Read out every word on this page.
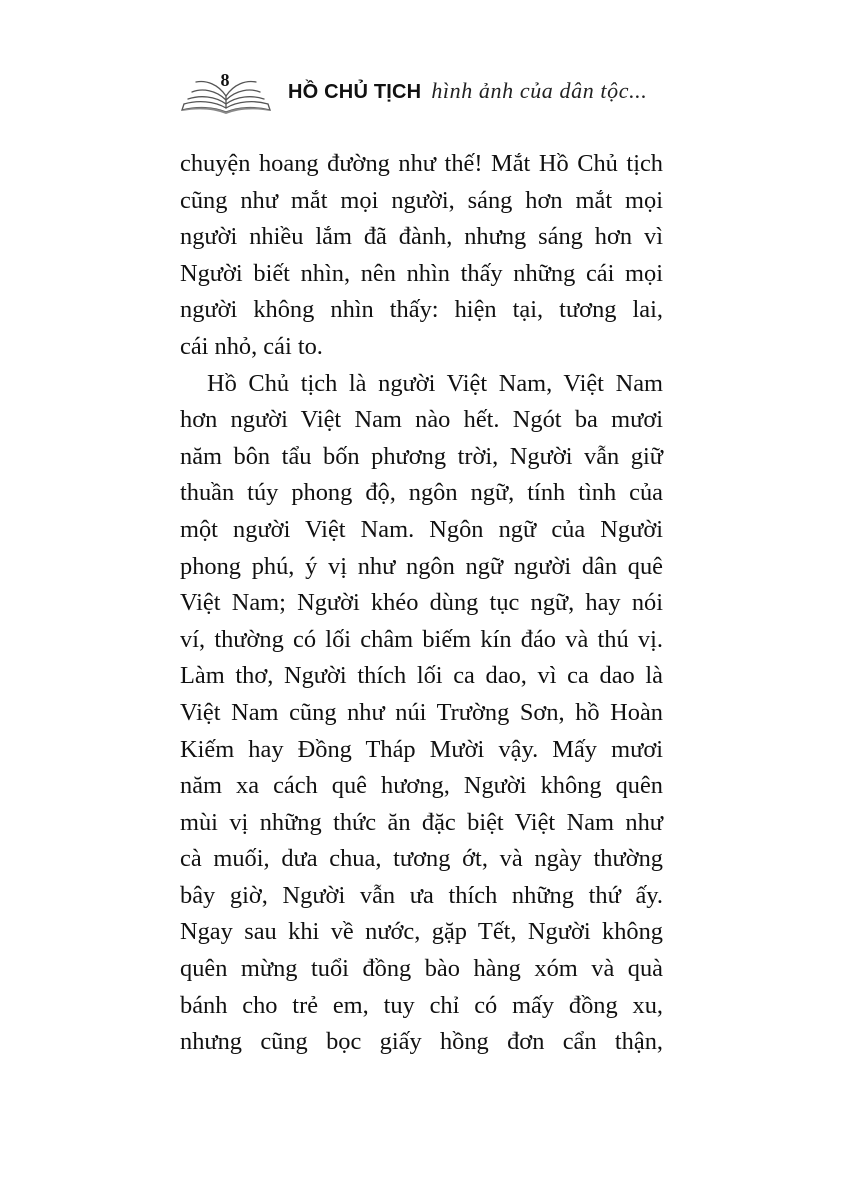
8
HỒ CHỦ TỊCH hình ảnh của dân tộc...
chuyện hoang đường như thế! Mắt Hồ Chủ tịch
cũng như mắt mọi người, sáng hơn mắt mọi
người nhiều lắm đã đành, nhưng sáng hơn vì
Người biết nhìn, nên nhìn thấy những cái mọi
người không nhìn thấy: hiện tại, tương lai,
cái nhỏ, cái to.
Hồ Chủ tịch là người Việt Nam, Việt Nam
hơn người Việt Nam nào hết. Ngót ba mươi
năm bôn tẩu bốn phương trời, Người vẫn giữ
thuần túy phong độ, ngôn ngữ, tính tình của
một người Việt Nam. Ngôn ngữ của Người
phong phú, ý vị như ngôn ngữ người dân quê
Việt Nam; Người khéo dùng tục ngữ, hay nói
ví, thường có lối châm biếm kín đáo và thú vị.
Làm thơ, Người thích lối ca dao, vì ca dao là
Việt Nam cũng như núi Trường Sơn, hồ Hoàn
Kiếm hay Đồng Tháp Mười vậy. Mấy mươi
năm xa cách quê hương, Người không quên
mùi vị những thức ăn đặc biệt Việt Nam như
cà muối, dưa chua, tương ớt, và ngày thường
bây giờ, Người vẫn ưa thích những thứ ấy.
Ngay sau khi về nước, gặp Tết, Người không
quên mừng tuổi đồng bào hàng xóm và quà
bánh cho trẻ em, tuy chỉ có mấy đồng xu,
nhưng cũng bọc giấy hồng đơn cẩn thận,
